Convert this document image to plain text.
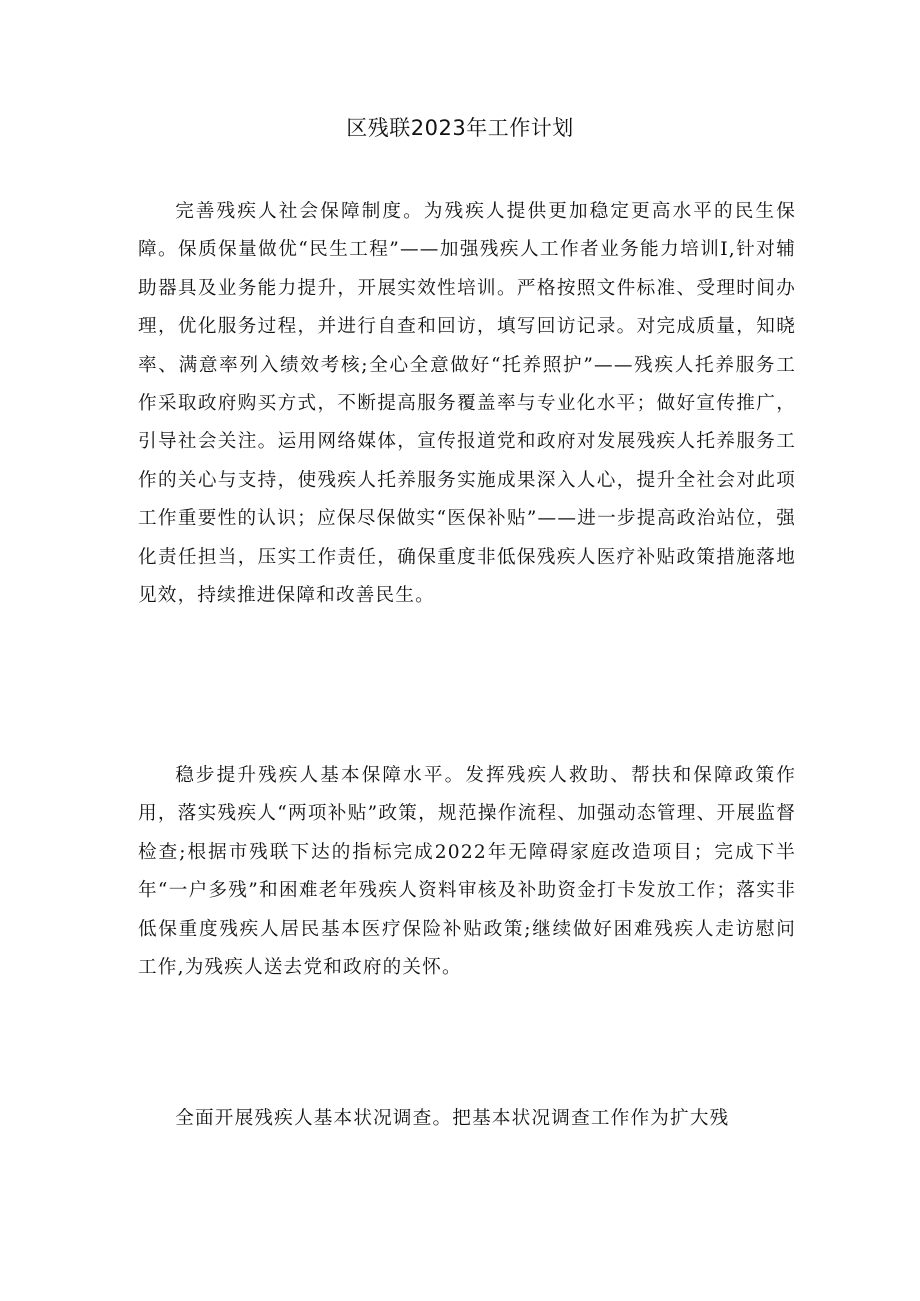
区残联2023年工作计划

完善残疾人社会保障制度。为残疾人提供更加稳定更高水平的民生保障。保质保量做优“民生工程”——加强残疾人工作者业务能力培训I,针对辅助器具及业务能力提升，开展实效性培训。严格按照文件标准、受理时间办理，优化服务过程，并进行自查和回访，填写回访记录。对完成质量，知晓率、满意率列入绩效考核;全心全意做好“托养照护”——残疾人托养服务工作采取政府购买方式，不断提高服务覆盖率与专业化水平；做好宣传推广，引导社会关注。运用网络媒体，宣传报道党和政府对发展残疾人托养服务工作的关心与支持，使残疾人托养服务实施成果深入人心，提升全社会对此项工作重要性的认识；应保尽保做实“医保补贴”——进一步提高政治站位，强化责任担当，压实工作责任，确保重度非低保残疾人医疗补贴政策措施落地见效，持续推进保障和改善民生。

稳步提升残疾人基本保障水平。发挥残疾人救助、帮扶和保障政策作用，落实残疾人“两项补贴”政策，规范操作流程、加强动态管理、开展监督检查;根据市残联下达的指标完成2022年无障碍家庭改造项目；完成下半年“一户多残”和困难老年残疾人资料审核及补助资金打卡发放工作；落实非低保重度残疾人居民基本医疗保险补贴政策;继续做好困难残疾人走访慰问工作,为残疾人送去党和政府的关怀。

全面开展残疾人基本状况调查。把基本状况调查工作作为扩大残
